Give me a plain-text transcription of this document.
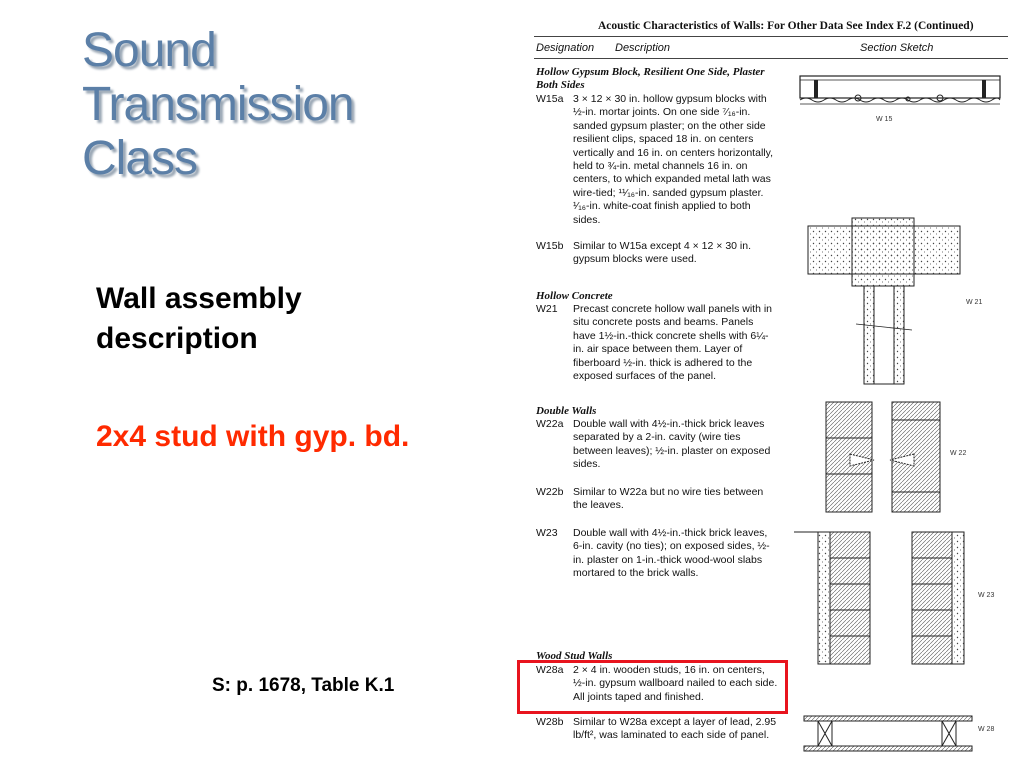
Sound
Transmission
Class
Wall assembly description
2x4 stud with gyp. bd.
S: p. 1678, Table K.1
Acoustic Characteristics of Walls: For Other Data See Index F.2 (Continued)
Designation Description	Section Sketch
Hollow Gypsum Block, Resilient One Side, Plaster Both Sides
W15a 3 × 12 × 30 in. hollow gypsum blocks with ½-in. mortar joints. On one side ⁷⁄₁₆-in. sanded gypsum plaster; on the other side resilient clips, spaced 18 in. on centers vertically and 16 in. on centers horizontally, held to ¾-in. metal channels 16 in. on centers, to which expanded metal lath was wire-tied; ¹¹⁄₁₆-in. sanded gypsum plaster. ¹⁄₁₆-in. white-coat finish applied to both sides.
W15b Similar to W15a except 4 × 12 × 30 in. gypsum blocks were used.
Hollow Concrete
W21 Precast concrete hollow wall panels with in situ concrete posts and beams. Panels have 1½-in.-thick concrete shells with 6¼-in. air space between them. Layer of fiberboard ½-in. thick is adhered to the exposed surfaces of the panel.
Double Walls
W22a Double wall with 4½-in.-thick brick leaves separated by a 2-in. cavity (wire ties between leaves); ½-in. plaster on exposed sides.
W22b Similar to W22a but no wire ties between the leaves.
W23 Double wall with 4½-in.-thick brick leaves, 6-in. cavity (no ties); on exposed sides, ½-in. plaster on 1-in.-thick wood-wool slabs mortared to the brick walls.
Wood Stud Walls
W28a 2 × 4 in. wooden studs, 16 in. on centers, ½-in. gypsum wallboard nailed to each side. All joints taped and finished.
W28b Similar to W28a except a layer of lead, 2.95 lb/ft², was laminated to each side of panel.
W 15
W 21
W 22
W 23
W 28
